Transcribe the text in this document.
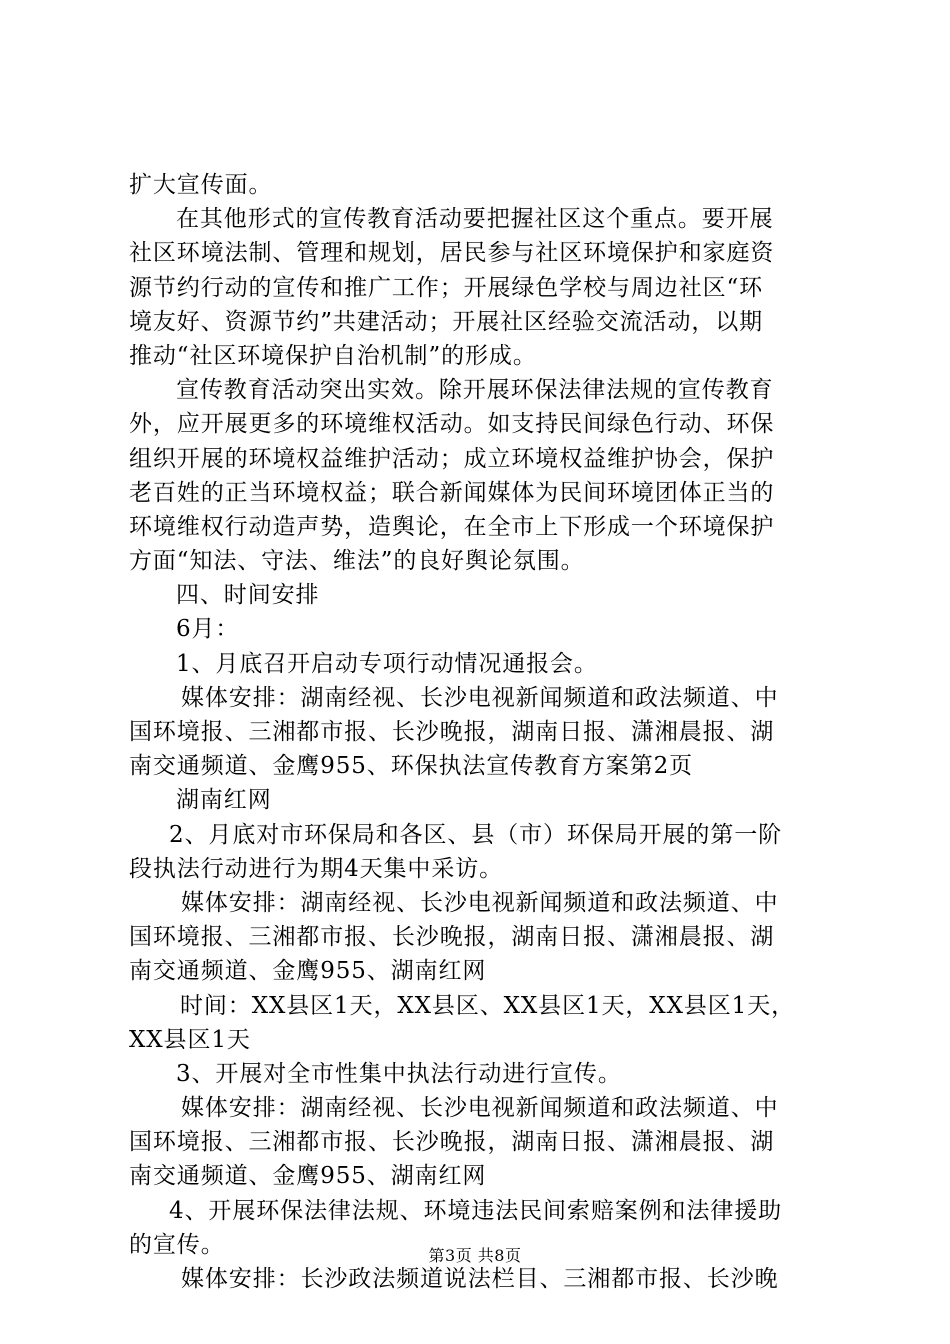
扩大宣传面。
在其他形式的宣传教育活动要把握社区这个重点。要开展
社区环境法制、管理和规划，居民参与社区环境保护和家庭资
源节约行动的宣传和推广工作；开展绿色学校与周边社区“环
境友好、资源节约”共建活动；开展社区经验交流活动，以期
推动“社区环境保护自治机制”的形成。
宣传教育活动突出实效。除开展环保法律法规的宣传教育
外，应开展更多的环境维权活动。如支持民间绿色行动、环保
组织开展的环境权益维护活动；成立环境权益维护协会，保护
老百姓的正当环境权益；联合新闻媒体为民间环境团体正当的
环境维权行动造声势，造舆论，在全市上下形成一个环境保护
方面“知法、守法、维法”的良好舆论氛围。
四、时间安排
6月：
1、月底召开启动专项行动情况通报会。
媒体安排：湖南经视、长沙电视新闻频道和政法频道、中
国环境报、三湘都市报、长沙晚报，湖南日报、潇湘晨报、湖
南交通频道、金鹰955、环保执法宣传教育方案第2页
湖南红网
2、月底对市环保局和各区、县（市）环保局开展的第一阶
段执法行动进行为期4天集中采访。
媒体安排：湖南经视、长沙电视新闻频道和政法频道、中
国环境报、三湘都市报、长沙晚报，湖南日报、潇湘晨报、湖
南交通频道、金鹰955、湖南红网
时间：XX县区1天，XX县区、XX县区1天，XX县区1天，
XX县区1天
3、开展对全市性集中执法行动进行宣传。
媒体安排：湖南经视、长沙电视新闻频道和政法频道、中
国环境报、三湘都市报、长沙晚报，湖南日报、潇湘晨报、湖
南交通频道、金鹰955、湖南红网
4、开展环保法律法规、环境违法民间索赔案例和法律援助
的宣传。
媒体安排：长沙政法频道说法栏目、三湘都市报、长沙晚
第3页 共8页
